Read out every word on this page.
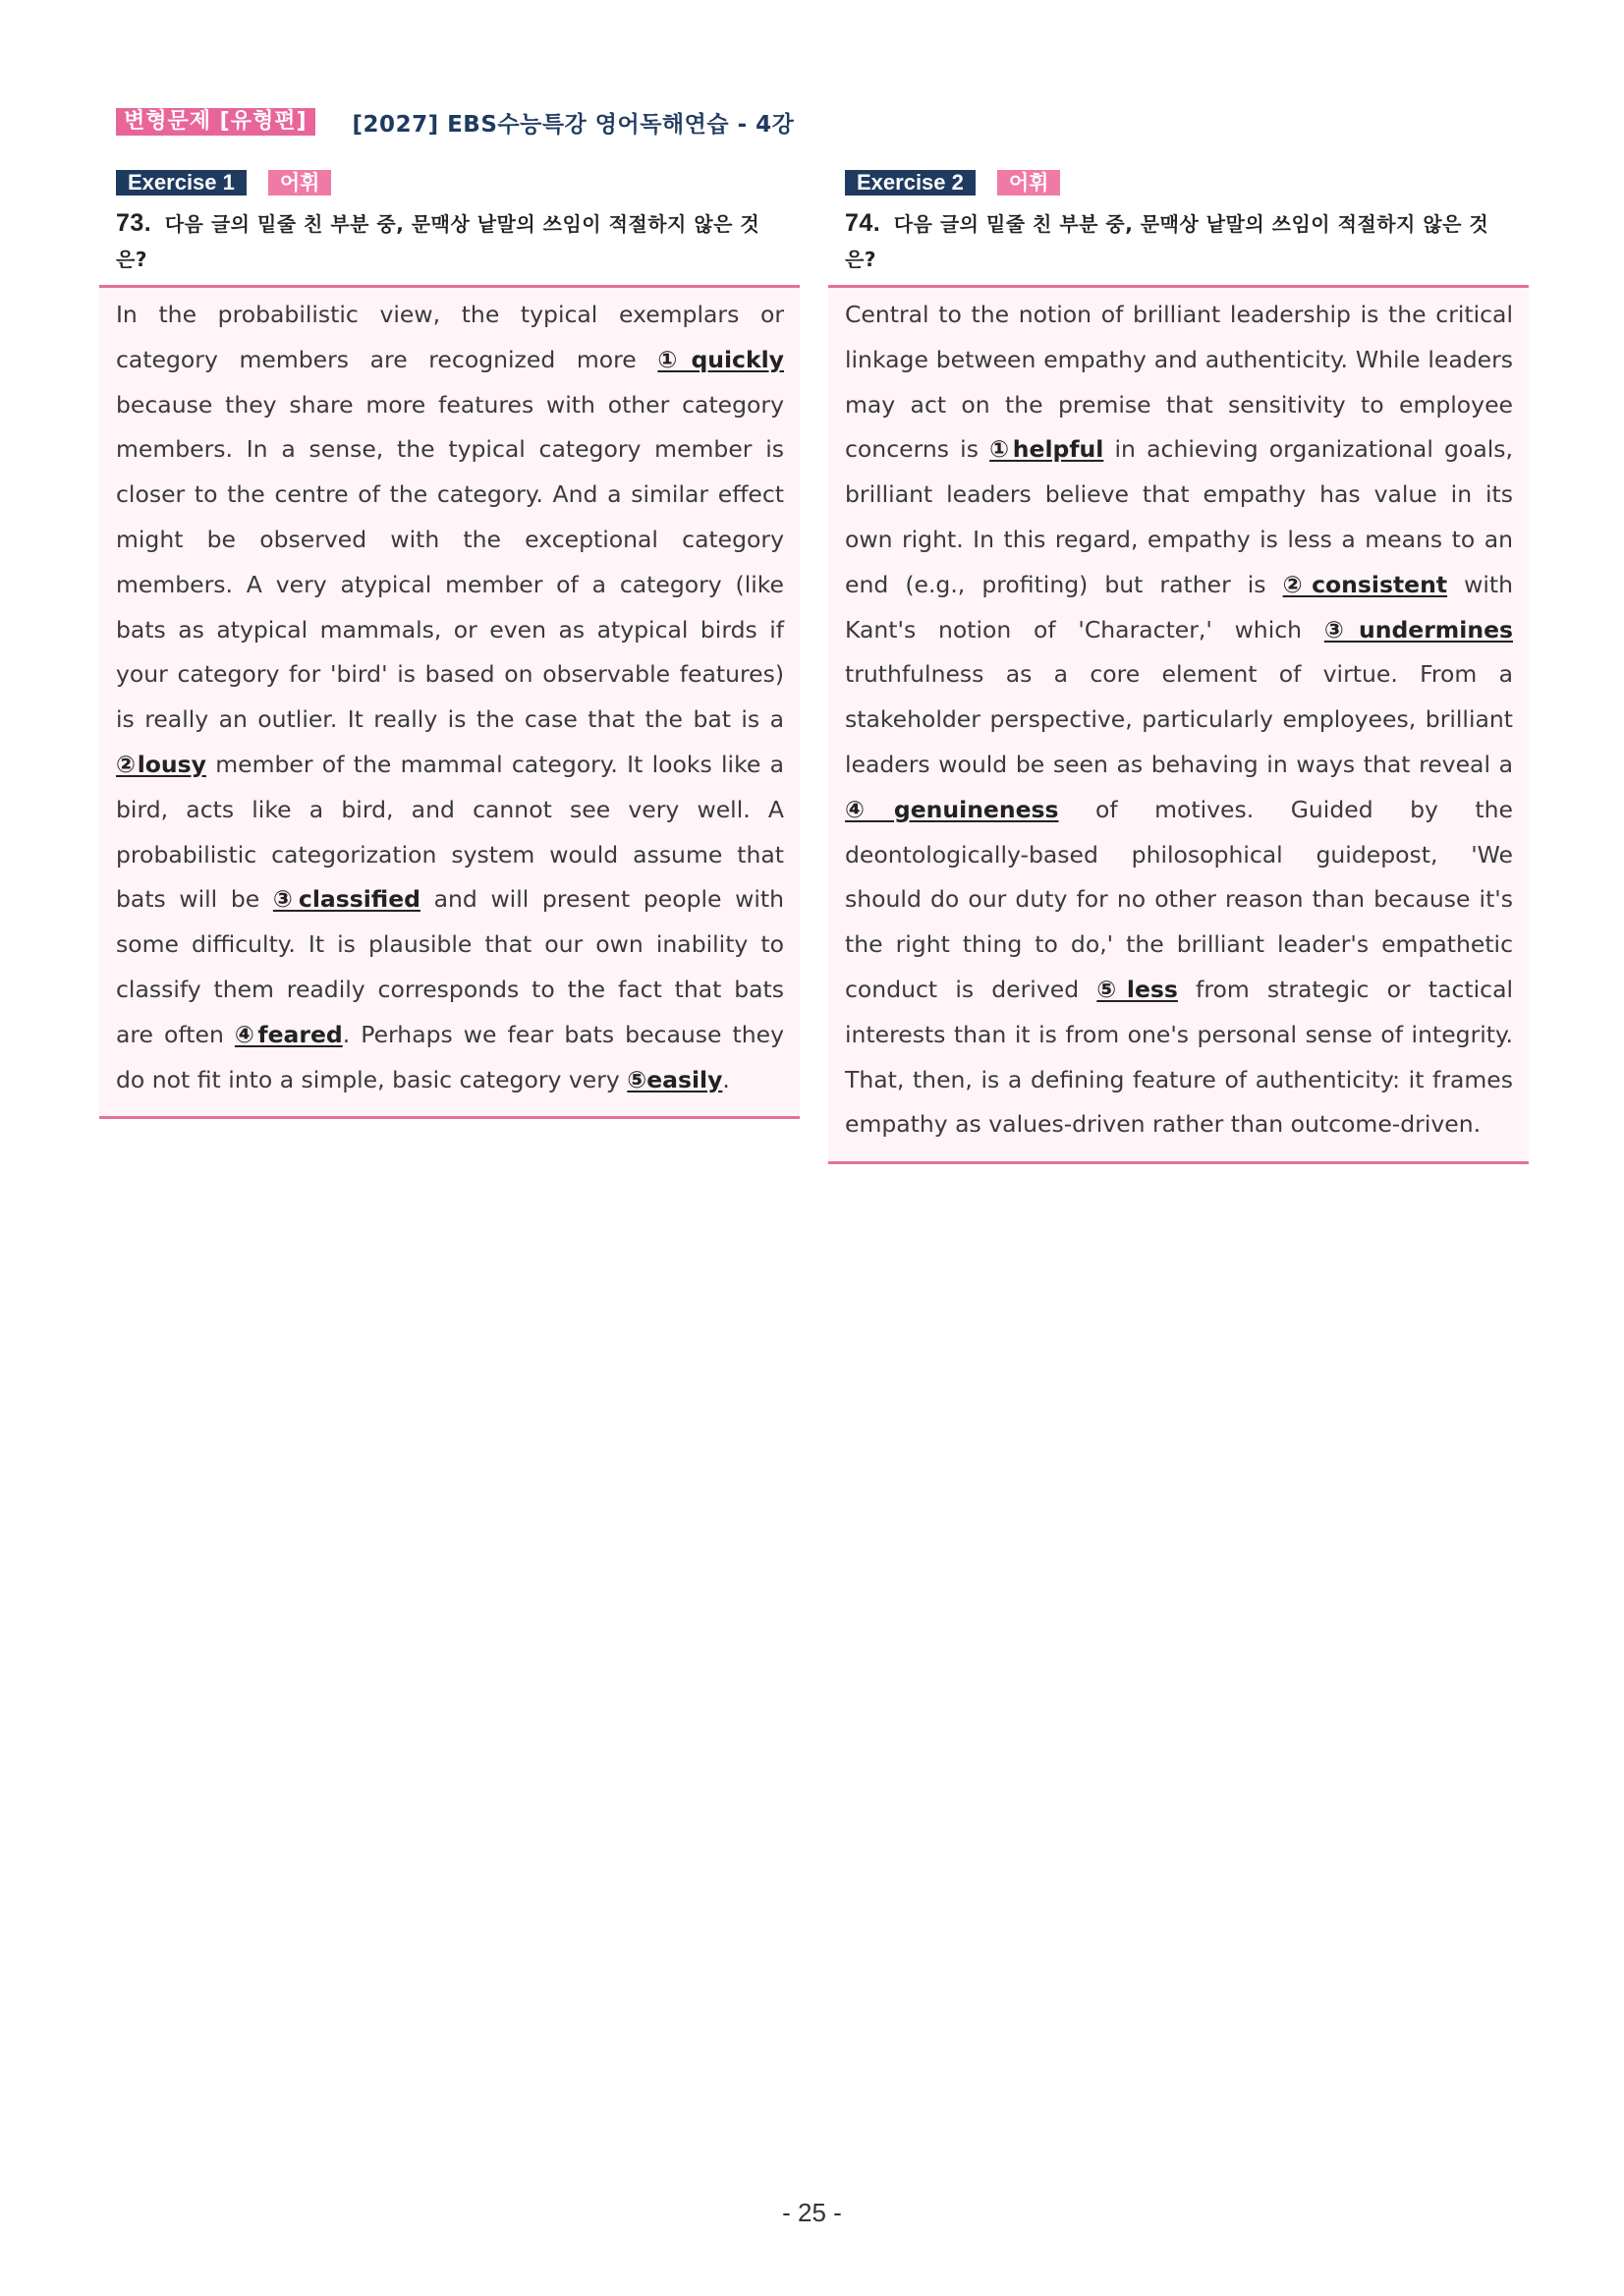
변형문제 [유형편]	[2027] EBS수능특강 영어독해연습 - 4강
Exercise 1	어휘
73. 다음 글의 밑줄 친 부분 중, 문맥상 낱말의 쓰임이 적절하지 않은 것은?

In the probabilistic view, the typical exemplars or category members are recognized more ①quickly because they share more features with other category members. In a sense, the typical category member is closer to the centre of the category. And a similar effect might be observed with the exceptional category members. A very atypical member of a category (like bats as atypical mammals, or even as atypical birds if your category for 'bird' is based on observable features) is really an outlier. It really is the case that the bat is a ②lousy member of the mammal category. It looks like a bird, acts like a bird, and cannot see very well. A probabilistic categorization system would assume that bats will be ③classified and will present people with some difficulty. It is plausible that our own inability to classify them readily corresponds to the fact that bats are often ④feared. Perhaps we fear bats because they do not fit into a simple, basic category very ⑤easily.

Exercise 2	어휘
74. 다음 글의 밑줄 친 부분 중, 문맥상 낱말의 쓰임이 적절하지 않은 것은?

Central to the notion of brilliant leadership is the critical linkage between empathy and authenticity. While leaders may act on the premise that sensitivity to employee concerns is ①helpful in achieving organizational goals, brilliant leaders believe that empathy has value in its own right. In this regard, empathy is less a means to an end (e.g., profiting) but rather is ②consistent with Kant's notion of 'Character,' which ③undermines truthfulness as a core element of virtue. From a stakeholder perspective, particularly employees, brilliant leaders would be seen as behaving in ways that reveal a ④genuineness of motives. Guided by the deontologically-based philosophical guidepost, 'We should do our duty for no other reason than because it's the right thing to do,' the brilliant leader's empathetic conduct is derived ⑤less from strategic or tactical interests than it is from one's personal sense of integrity. That, then, is a defining feature of authenticity: it frames empathy as values-driven rather than outcome-driven.

- 25 -
